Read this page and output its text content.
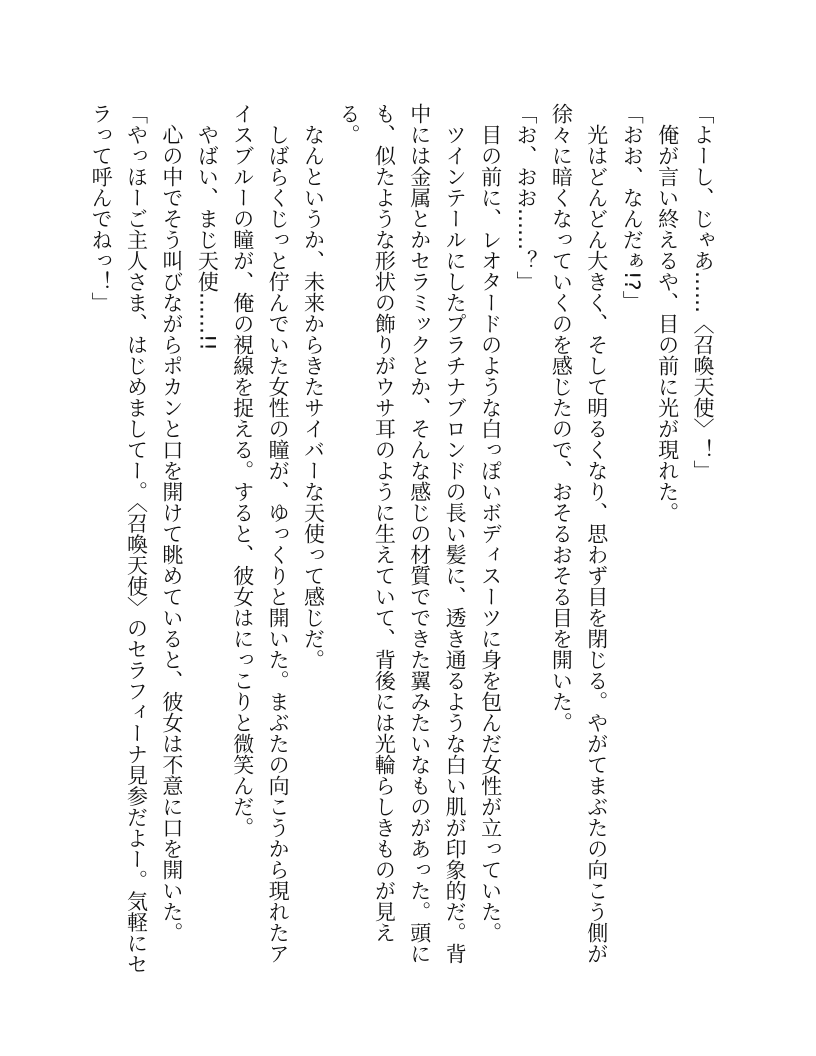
「よーし、じゃあ……〈召喚天使〉！」

俺が言い終えるや、目の前に光が現れた。

「おお、なんだぁ!?」

光はどんどん大きく、そして明るくなり、思わず目を閉じる。やがてまぶたの向こう側が徐々に暗くなっていくのを感じたので、おそるおそる目を開いた。

「お、おお……？」

目の前に、レオタードのような白っぽいボディスーツに身を包んだ女性が立っていた。

ツインテールにしたプラチナブロンドの長い髪に、透き通るような白い肌が印象的だ。背中には金属とかセラミックとか、そんな感じの材質でできた翼みたいなものがあった。頭にも、似たような形状の飾りがウサ耳のように生えていて、背後には光輪らしきものが見える。

なんというか、未来からきたサイバーな天使って感じだ。

しばらくじっと佇んでいた女性の瞳が、ゆっくりと開いた。まぶたの向こうから現れたアイスブルーの瞳が、俺の視線を捉える。すると、彼女はにっこりと微笑んだ。

やばい、まじ天使……!!

心の中でそう叫びながらポカンと口を開けて眺めていると、彼女は不意に口を開いた。

「やっほーご主人さま、はじめましてー。〈召喚天使〉のセラフィーナ見参だよー。気軽にセラって呼んでねっ！」
